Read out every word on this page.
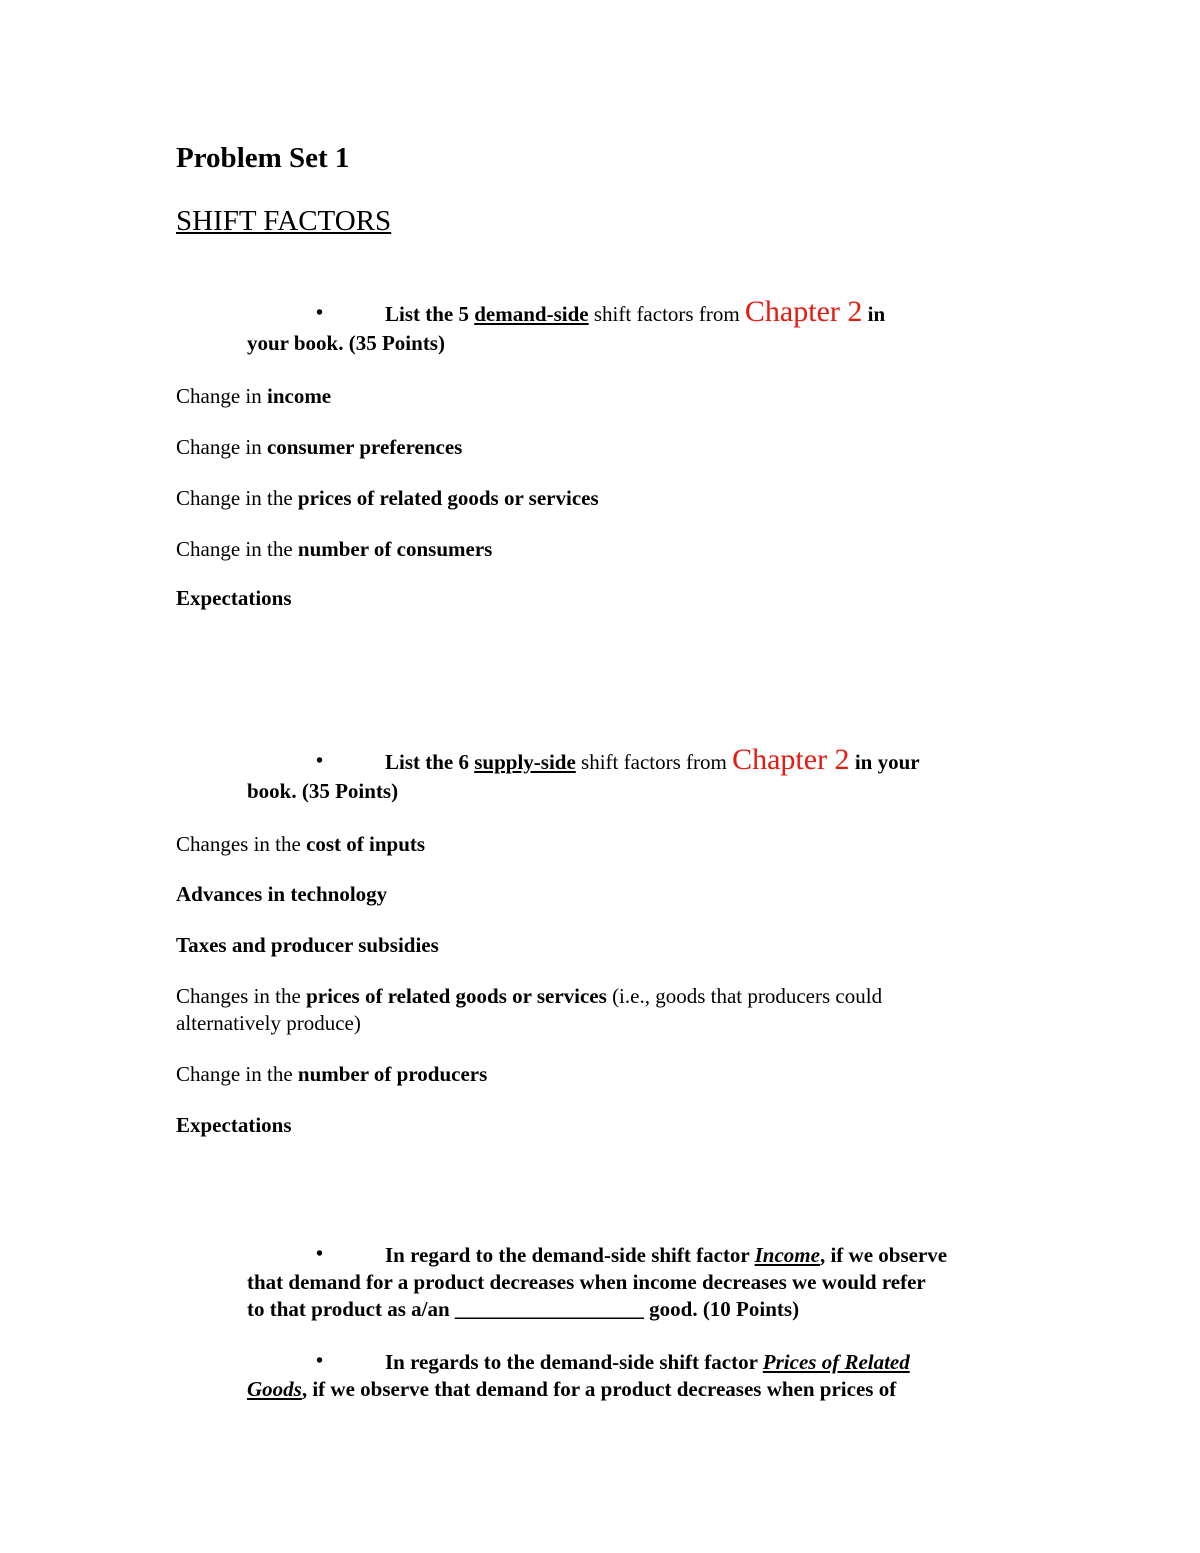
Problem Set 1
SHIFT FACTORS
•	List the 5 demand-side shift factors from Chapter 2 in
your book. (35 Points)
Change in income
Change in consumer preferences
Change in the prices of related goods or services
Change in the number of consumers
Expectations
•	List the 6 supply-side shift factors from Chapter 2 in your
book. (35 Points)
Changes in the cost of inputs
Advances in technology
Taxes and producer subsidies
Changes in the prices of related goods or services (i.e., goods that producers could
alternatively produce)
Change in the number of producers
Expectations
•	In regard to the demand-side shift factor Income, if we observe
that demand for a product decreases when income decreases we would refer
to that product as a/an __________________ good. (10 Points)
•	In regards to the demand-side shift factor Prices of Related
Goods, if we observe that demand for a product decreases when prices of
